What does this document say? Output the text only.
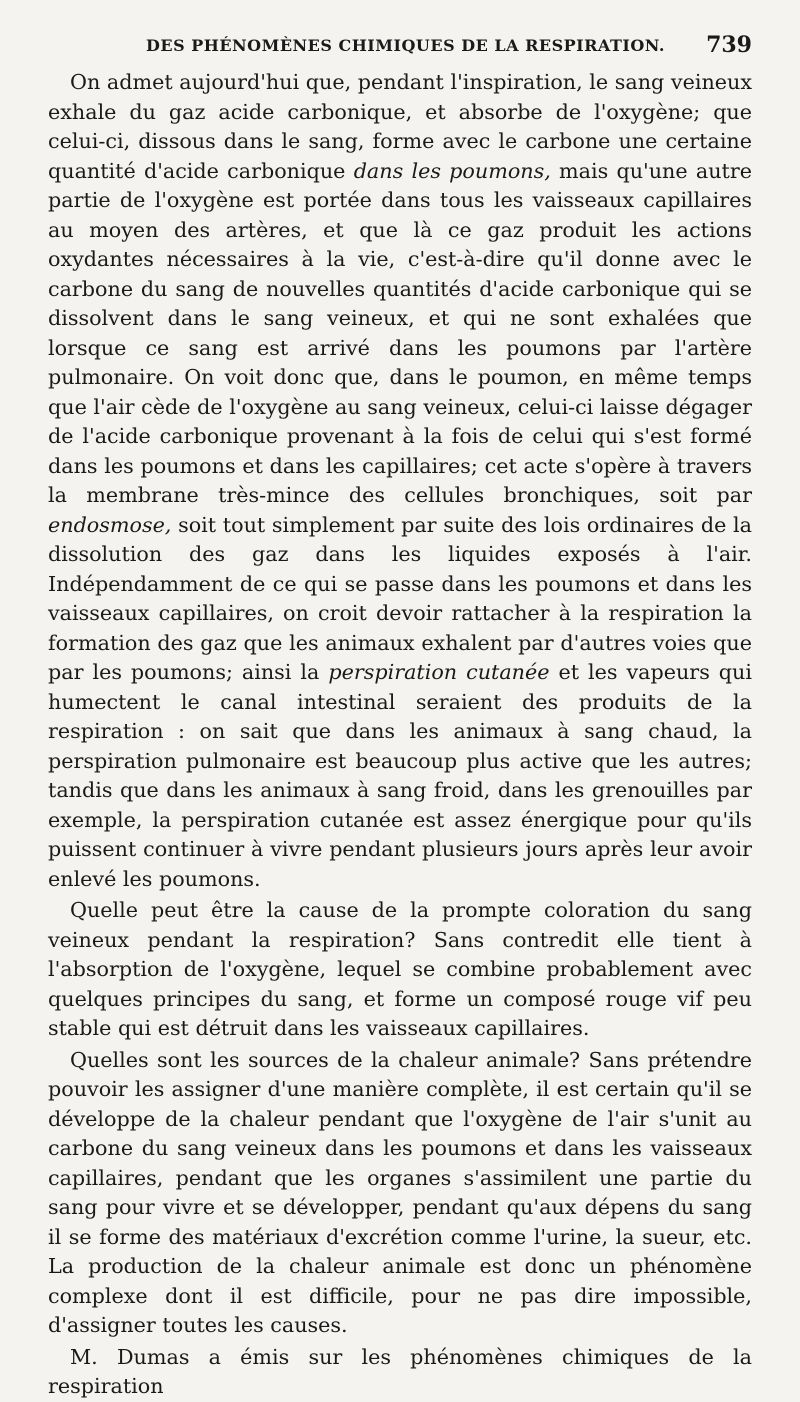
DES PHÉNOMÈNES CHIMIQUES DE LA RESPIRATION. 739

On admet aujourd'hui que, pendant l'inspiration, le sang veineux exhale du gaz acide carbonique, et absorbe de l'oxygène; que celui-ci, dissous dans le sang, forme avec le carbone une certaine quantité d'acide carbonique dans les poumons, mais qu'une autre partie de l'oxygène est portée dans tous les vaisseaux capillaires au moyen des artères, et que là ce gaz produit les actions oxydantes nécessaires à la vie, c'est-à-dire qu'il donne avec le carbone du sang de nouvelles quantités d'acide carbonique qui se dissolvent dans le sang veineux, et qui ne sont exhalées que lorsque ce sang est arrivé dans les poumons par l'artère pulmonaire. On voit donc que, dans le poumon, en même temps que l'air cède de l'oxygène au sang veineux, celui-ci laisse dégager de l'acide carbonique provenant à la fois de celui qui s'est formé dans les poumons et dans les capillaires; cet acte s'opère à travers la membrane très-mince des cellules bronchiques, soit par endosmose, soit tout simplement par suite des lois ordinaires de la dissolution des gaz dans les liquides exposés à l'air. Indépendamment de ce qui se passe dans les poumons et dans les vaisseaux capillaires, on croit devoir rattacher à la respiration la formation des gaz que les animaux exhalent par d'autres voies que par les poumons; ainsi la perspiration cutanée et les vapeurs qui humectent le canal intestinal seraient des produits de la respiration : on sait que dans les animaux à sang chaud, la perspiration pulmonaire est beaucoup plus active que les autres; tandis que dans les animaux à sang froid, dans les grenouilles par exemple, la perspiration cutanée est assez énergique pour qu'ils puissent continuer à vivre pendant plusieurs jours après leur avoir enlevé les poumons.

Quelle peut être la cause de la prompte coloration du sang veineux pendant la respiration? Sans contredit elle tient à l'absorption de l'oxygène, lequel se combine probablement avec quelques principes du sang, et forme un composé rouge vif peu stable qui est détruit dans les vaisseaux capillaires.

Quelles sont les sources de la chaleur animale? Sans prétendre pouvoir les assigner d'une manière complète, il est certain qu'il se développe de la chaleur pendant que l'oxygène de l'air s'unit au carbone du sang veineux dans les poumons et dans les vaisseaux capillaires, pendant que les organes s'assimilent une partie du sang pour vivre et se développer, pendant qu'aux dépens du sang il se forme des matériaux d'excrétion comme l'urine, la sueur, etc. La production de la chaleur animale est donc un phénomène complexe dont il est difficile, pour ne pas dire impossible, d'assigner toutes les causes.

M. Dumas a émis sur les phénomènes chimiques de la respiration
